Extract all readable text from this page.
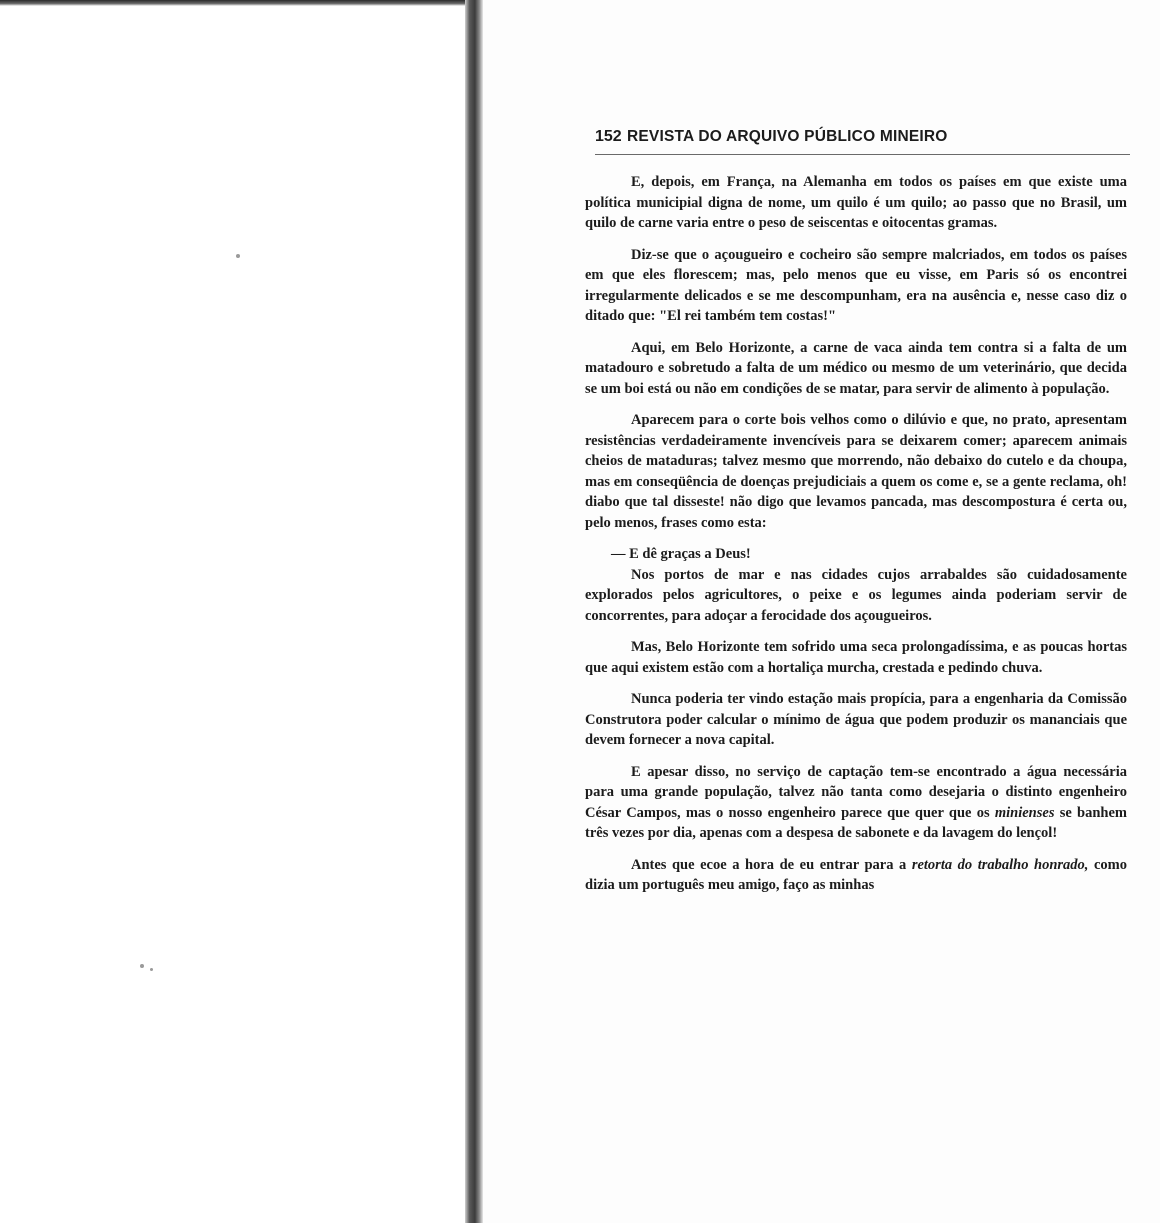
152 REVISTA DO ARQUIVO PÚBLICO MINEIRO

E, depois, em França, na Alemanha em todos os países em que existe uma política municipial digna de nome, um quilo é um quilo; ao passo que no Brasil, um quilo de carne varia entre o peso de seiscentas e oitocentas gramas.

Diz-se que o açougueiro e cocheiro são sempre malcriados, em todos os países em que eles florescem; mas, pelo menos que eu visse, em Paris só os encontrei irregularmente delicados e se me descompunham, era na ausência e, nesse caso diz o ditado que: "El rei também tem costas!"

Aqui, em Belo Horizonte, a carne de vaca ainda tem contra si a falta de um matadouro e sobretudo a falta de um médico ou mesmo de um veterinário, que decida se um boi está ou não em condições de se matar, para servir de alimento à população.

Aparecem para o corte bois velhos como o dilúvio e que, no prato, apresentam resistências verdadeiramente invencíveis para se deixarem comer; aparecem animais cheios de mataduras; talvez mesmo que morrendo, não debaixo do cutelo e da choupa, mas em conseqüência de doenças prejudiciais a quem os come e, se a gente reclama, oh! diabo que tal disseste! não digo que levamos pancada, mas descompostura é certa ou, pelo menos, frases como esta:

— E dê graças a Deus!

Nos portos de mar e nas cidades cujos arrabaldes são cuidadosamente explorados pelos agricultores, o peixe e os legumes ainda poderiam servir de concorrentes, para adoçar a ferocidade dos açougueiros.

Mas, Belo Horizonte tem sofrido uma seca prolongadíssima, e as poucas hortas que aqui existem estão com a hortaliça murcha, crestada e pedindo chuva.

Nunca poderia ter vindo estação mais propícia, para a engenharia da Comissão Construtora poder calcular o mínimo de água que podem produzir os mananciais que devem fornecer a nova capital.

E apesar disso, no serviço de captação tem-se encontrado a água necessária para uma grande população, talvez não tanta como desejaria o distinto engenheiro César Campos, mas o nosso engenheiro parece que quer que os minienses se banhem três vezes por dia, apenas com a despesa de sabonete e da lavagem do lençol!

Antes que ecoe a hora de eu entrar para a retorta do trabalho honrado, como dizia um português meu amigo, faço as minhas
